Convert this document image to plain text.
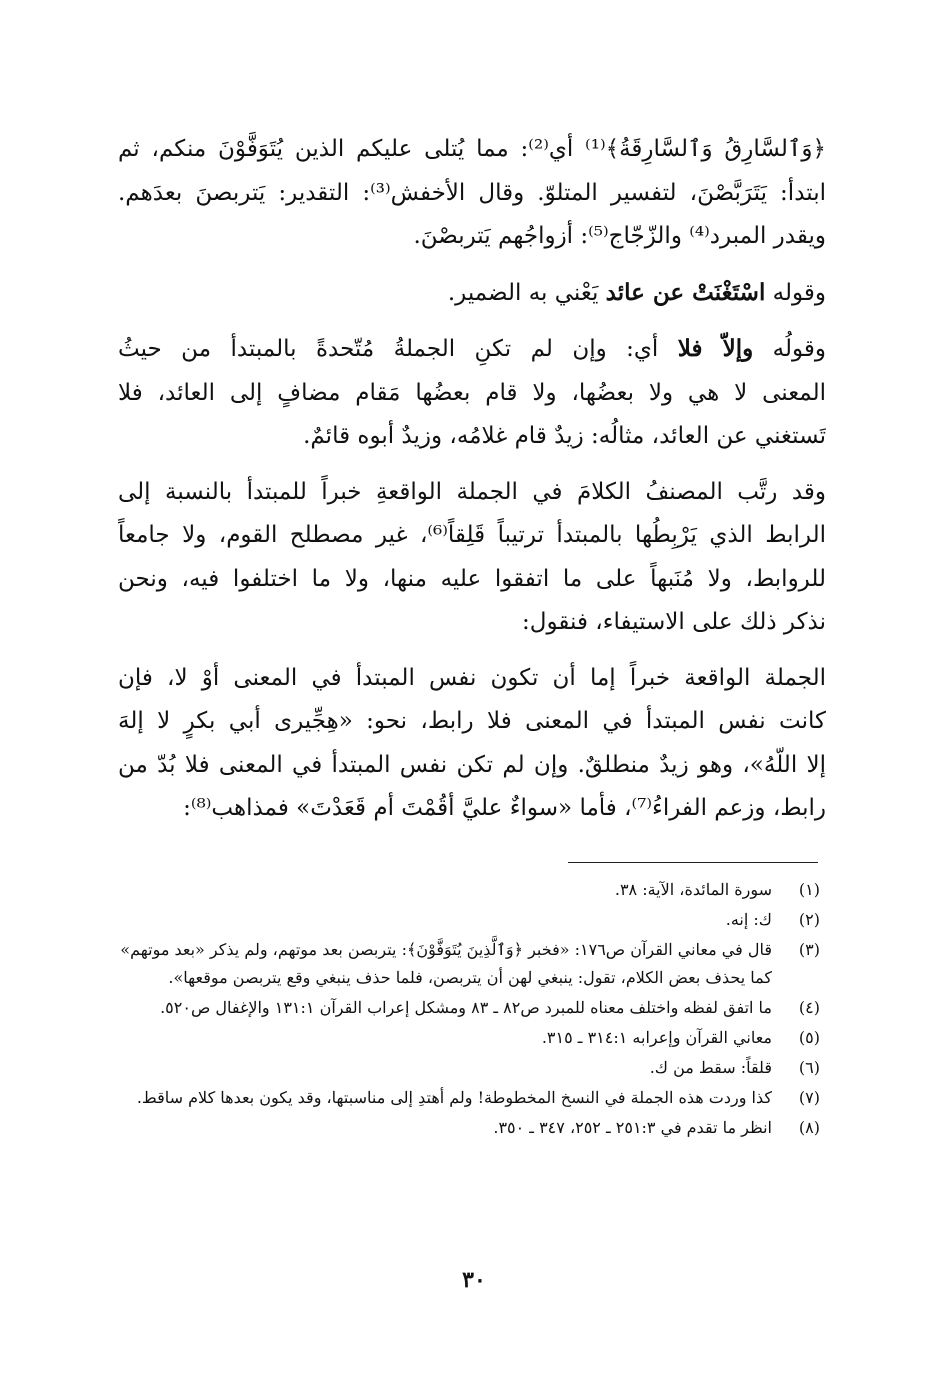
﴿وَٱلسَّارِقُ وَٱلسَّارِقَةُ﴾⁽¹⁾ أي⁽²⁾: مما يُتلى عليكم الذين يُتَوَفَّوْنَ منكم، ثم
ابتدأ: يَتَرَبَّصْنَ، لتفسير المتلوّ. وقال الأخفش⁽³⁾: التقدير: يَتربصنَ بعدَهم.
ويقدر المبرد⁽⁴⁾ والزّجّاج⁽⁵⁾: أزواجُهم يَتربصْنَ.

وقوله اسْتَغْنَتْ عن عائد يَعْني به الضمير.

وقولُه وإلاّ فلا أي: وإن لم تكنِ الجملةُ مُتّحدةً بالمبتدأ من حيثُ
المعنى لا هي ولا بعضُها، ولا قام بعضُها مَقام مضافٍ إلى العائد، فلا
تَستغني عن العائد، مثالُه: زيدٌ قام غلامُه، وزيدٌ أبوه قائمٌ.

وقد رتَّب المصنفُ الكلامَ في الجملة الواقعةِ خبراً للمبتدأ بالنسبة إلى
الرابط الذي يَرْبِطُها بالمبتدأ ترتيباً قَلِقاً⁽⁶⁾، غير مصطلح القوم، ولا جامعاً
للروابط، ولا مُنَبهاً على ما اتفقوا عليه منها، ولا ما اختلفوا فيه، ونحن
نذكر ذلك على الاستيفاء، فنقول:

الجملة الواقعة خبراً إما أن تكون نفس المبتدأ في المعنى أوْ لا، فإن
كانت نفس المبتدأ في المعنى فلا رابط، نحو: «هِجِّيرى أبي بكرٍ لا إلهَ
إلا اللّهُ»، وهو زيدٌ منطلقٌ. وإن لم تكن نفس المبتدأ في المعنى فلا بُدّ من
رابط، وزعم الفراءُ⁽⁷⁾، فأما «سواءٌ عليَّ أقُمْتَ أم قَعَدْتَ» فمذاهب⁽⁸⁾:

(١)
سورة المائدة، الآية: ٣٨.
(٢)
ك: إنه.
(٣)
قال في معاني القرآن ص١٧٦: «فخبر ﴿وَٱلَّذِينَ يُتَوَفَّوْنَ﴾: يتربصن بعد موتهم، ولم يذكر «بعد موتهم» كما يحذف بعض الكلام، تقول: ينبغي لهن أن يتربصن، فلما حذف ينبغي وقع يتربصن موقعها».
(٤)
ما اتفق لفظه واختلف معناه للمبرد ص٨٢ ـ ٨٣ ومشكل إعراب القرآن ١٣١:١ والإغفال ص٥٢٠.
(٥)
معاني القرآن وإعرابه ٣١٤:١ ـ ٣١٥.
(٦)
قلقاً: سقط من ك.
(٧)
كذا وردت هذه الجملة في النسخ المخطوطة! ولم أهتدِ إلى مناسبتها، وقد يكون بعدها كلام ساقط.
(٨)
انظر ما تقدم في ٢٥١:٣ ـ ٢٥٢، ٣٤٧ ـ ٣٥٠.
٣٠
